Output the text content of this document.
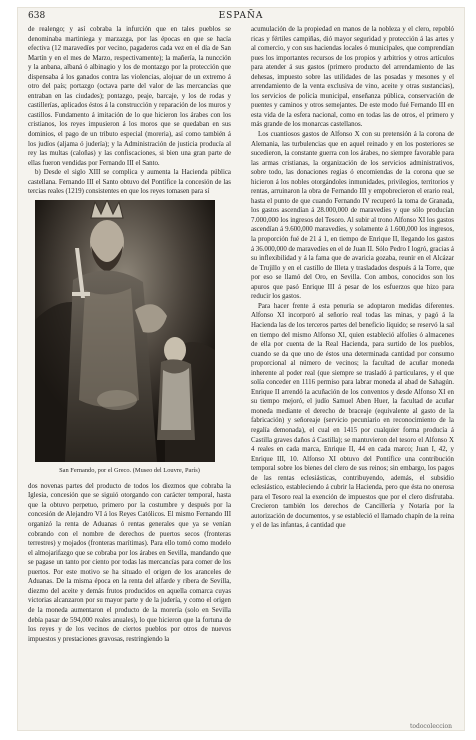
638	ESPAÑA

de realengo; y así cobraba la infurción que en tales pueblos se denominaba martiniega y marzazga, por las épocas en que se hacía efectiva (12 maravedíes por vecino, pagaderos cada vez en el día de San Martín y en el mes de Marzo, respectivamente); la mañería, la nuncción y la anbana, albaná ó albinagio y los de montazgo por la protección que dispensaba á los ganados contra las violencias, alojuar de un extremo á otro del país; portazgo (octava parte del valor de las mercancías que entraban en las ciudades); pontazgo, peaje, barcaje, y los de rodas y castillerías, aplicados éstos á la construcción y reparación de los muros y castillos. Fundamento á imitación de lo que hicieron los árabes con los cristianos, los reyes impusieron á los moros que se quedaban en sus dominios, el pago de un tributo especial (moreria), así como también á los judíos (aljama ó judería); y la Administración de justicia producía al rey las multas (caloñas) y las confiscaciones, si bien una gran parte de ellas fueron vendidas por Fernando III el Santo.

b) Desde el siglo XIII se complica y aumenta la Hacienda pública castellana. Fernando III el Santo obtuvo del Pontífice la concesión de las tercias reales (1219) consistentes en que los reyes tomasen para sí

San Fernando, por el Greco. (Museo del Louvre, París)

dos novenas partes del producto de todos los diezmos que cobraba la Iglesia, concesión que se siguió otorgando con carácter temporal, hasta que la obtuvo perpetuo, primero por la costumbre y después por la concesión de Alejandro VI á los Reyes Católicos. El mismo Fernando III organizó la renta de Aduanas ó rentas generales que ya se venían cobrando con el nombre de derechos de puertos secos (fronteras terrestres) y mojados (fronteras marítimas). Para ello tomó como modelo el almojarifazgo que se cobraba por los árabes en Sevilla, mandando que se pagase un tanto por ciento por todas las mercancías para comer de los puertos. Por este motivo se ha situado el origen de los aranceles de Aduanas. De la misma época en la renta del alfarde y ribera de Sevilla, diezmo del aceite y demás frutos producidos en aquella comarca cuyas victorias alcanzaron por su mayor parte y de la judería, y como el origen de la moneda aumentaron el producto de la morería (solo en Sevilla debía pasar de 594,000 reales anuales), lo que hicieron que la fortuna de los reyes y de los vecinos de ciertos pueblos por otros de nuevos impuestos y prestaciones gravosas, restringiendo la

acumulación de la propiedad en manos de la nobleza y el clero, repobló ricas y fértiles campiñas, dió mayor seguridad y protección á las artes y al comercio, y con sus haciendas locales ó municipales, que comprendían pues los importantes recursos de los propios y arbitrios y otros artículos para atender á sus gastos (primero producto del arrendamiento de las dehesas, impuesto sobre las utilidades de las posadas y mesones y el arrendamiento de la venta exclusiva de vino, aceite y otras sustancias), los servicios de policía municipal, enseñanza pública, conservación de puentes y caminos y otros semejantes. De este modo fué Fernando III en esta vida de la esfera nacional, como en todas las de otros, el primero y más grande de los monarcas castellanos.

Los cuantiosos gastos de Alfonso X con su pretensión á la corona de Alemania, las turbulencias que en aquel reinado y en los posteriores se sucedieron, la constante guerra con los árabes, no siempre favorable para las armas cristianas, la organización de los servicios administrativos, sobre todo, las donaciones regias ó encomiendas de la corona que se hicieron á los nobles otorgándoles inmunidades, privilegios, territorios y rentas, arruinaron la obra de Fernando III y empobrecieron el erario real, hasta el punto de que cuando Fernando IV recuperó la toma de Granada, los gastos ascendían á 28.000,000 de maravedíes y que sólo producían 7.000,000 los ingresos del Tesoro. Al subir al trono Alfonso XI los gastos ascendían á 9.600,000 maravedíes, y solamente á 1.600,000 los ingresos, la proporción fué de 21 á 1, en tiempo de Enrique II, llegando los gastos á 36.000,000 de maravedíes en el de Juan II. Sólo Pedro I logró, gracias á su inflexibilidad y á la fama que de avaricia gozaba, reunir en el Alcázar de Trujillo y en el castillo de Illeta y trasladados después á la Torre, que por eso se llamó del Oro, en Sevilla. Con ambos, conocidos son los apuros que pasó Enrique III á pesar de los esfuerzos que hizo para reducir los gastos.

Para hacer frente á esta penuria se adoptaron medidas diferentes. Alfonso XI incorporó al señorío real todas las minas, y pagó á la Hacienda las de los terceros partes del beneficio líquido; se reservó la sal en tiempo del mismo Alfonso XI, quien estableció alfolíes ó almacenes de ella por cuenta de la Real Hacienda, para surtido de los pueblos, cuando se da que uno de éstos una determinada cantidad por consumo proporcional al número de vecinos; la facultad de acuñar moneda inherente al poder real (que siempre se trasladó á particulares, y el que solía conceder en 1116 permiso para labrar moneda al abad de Sahagún. Enrique II arrendó la acuñación de los conventos y desde Alfonso XI en su tiempo mejoró, el judío Samuel Aben Huer, la facultad de acuñar moneda mediante el derecho de braceaje (equivalente al gasto de la fabricación) y señoreaje (servicio pecuniario en reconocimiento de la regalía demonada), el cual en 1415 por cualquier forma producía á Castilla graves daños á Castilla); se mantuvieron del tesoro el Alfonso X 4 reales en cada marca, Enrique II, 44 en cada marco; Juan I, 42, y Enrique III, 10. Alfonso XI obtuvo del Pontífice una contribución temporal sobre los bienes del clero de sus reinos; sin embargo, los pagos de las rentas eclesiásticas, contribuyendo, además, el subsidio eclesiástico, estableciendo á cubrir la Hacienda, pero que ésta no onerosa para el Tesoro real la exención de impuestos que por el clero disfrutaba. Crecieron también los derechos de Cancillería y Notaría por la autorización de documentos, y se estableció el llamado chapín de la reina y el de las infantas, á cantidad que

todocoleccion
